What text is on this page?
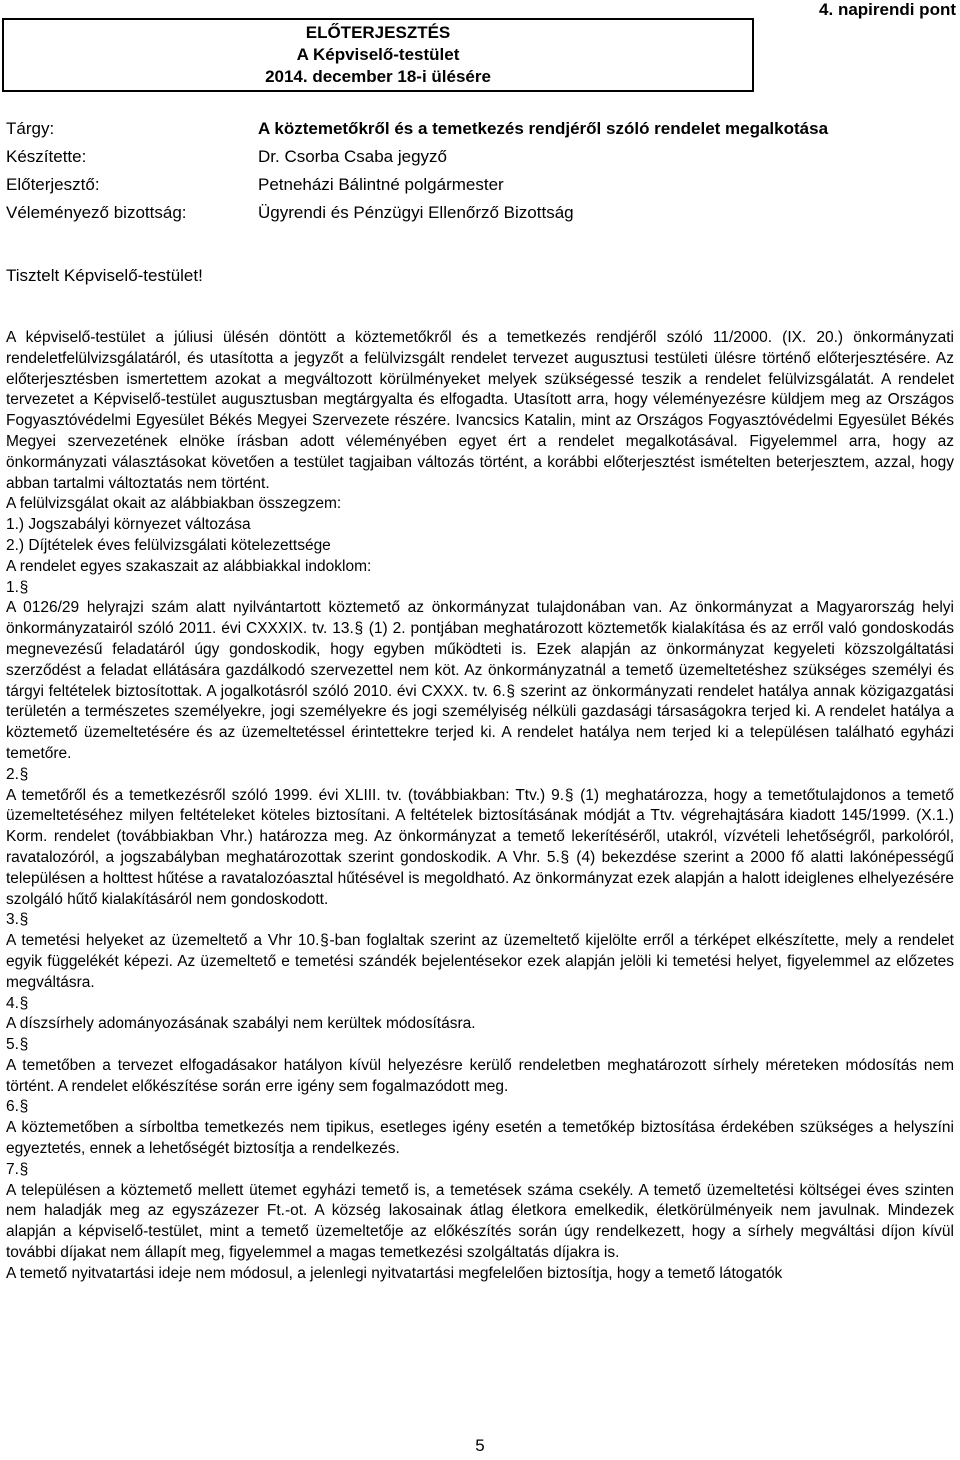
4. napirendi pont
ELŐTERJESZTÉS
A Képviselő-testület
2014. december 18-i ülésére
Tárgy:	A köztemetőkről és a temetkezés rendjéről szóló rendelet megalkotása
Készítette:	Dr. Csorba Csaba jegyző
Előterjesztő:	Petneházi Bálintné polgármester
Véleményező bizottság:	Ügyrendi és Pénzügyi Ellenőrző Bizottság
Tisztelt Képviselő-testület!

A képviselő-testület a júliusi ülésén döntött a köztemetőkről és a temetkezés rendjéről szóló 11/2000. (IX. 20.) önkormányzati rendeletfelülvizsgálatáról, és utasította a jegyzőt a felülvizsgált rendelet tervezet augusztusi testületi ülésre történő előterjesztésére. Az előterjesztésben ismertettem azokat a megváltozott körülményeket melyek szükségessé teszik a rendelet felülvizsgálatát. A rendelet tervezetet a Képviselő-testület augusztusban megtárgyalta és elfogadta. Utasított arra, hogy véleményezésre küldjem meg az Országos Fogyasztóvédelmi Egyesület Békés Megyei Szervezete részére. Ivancsics Katalin, mint az Országos Fogyasztóvédelmi Egyesület Békés Megyei szervezetének elnöke írásban adott véleményében egyet ért a rendelet megalkotásával. Figyelemmel arra, hogy az önkormányzati választásokat követően a testület tagjaiban változás történt, a korábbi előterjesztést ismételten beterjesztem, azzal, hogy abban tartalmi változtatás nem történt.

A felülvizsgálat okait az alábbiakban összegzem:

1.) Jogszabályi környezet változása

2.) Díjtételek éves felülvizsgálati kötelezettsége

A rendelet egyes szakaszait az alábbiakkal indoklom:

1.§

A 0126/29 helyrajzi szám alatt nyilvántartott köztemető az önkormányzat tulajdonában van. Az önkormányzat a Magyarország helyi önkormányzatairól szóló 2011. évi CXXXIX. tv. 13.§ (1) 2. pontjában meghatározott köztemetők kialakítása és az erről való gondoskodás megnevezésű feladatáról úgy gondoskodik, hogy egyben működteti is. Ezek alapján az önkormányzat kegyeleti közszolgáltatási szerződést a feladat ellátására gazdálkodó szervezettel nem köt. Az önkormányzatnál a temető üzemeltetéshez szükséges személyi és tárgyi feltételek biztosítottak. A jogalkotásról szóló 2010. évi CXXX. tv. 6.§ szerint az önkormányzati rendelet hatálya annak közigazgatási területén a természetes személyekre, jogi személyekre és jogi személyiség nélküli gazdasági társaságokra terjed ki. A rendelet hatálya a köztemető üzemeltetésére és az üzemeltetéssel érintettekre terjed ki. A rendelet hatálya nem terjed ki a településen található egyházi temetőre.

2.§

A temetőről és a temetkezésről szóló 1999. évi XLIII. tv. (továbbiakban: Ttv.) 9.§ (1) meghatározza, hogy a temetőtulajdonos a temető üzemeltetéséhez milyen feltételeket köteles biztosítani. A feltételek biztosításának módját a Ttv. végrehajtására kiadott 145/1999. (X.1.) Korm. rendelet (továbbiakban Vhr.) határozza meg. Az önkormányzat a temető lekerítéséről, utakról, vízvételi lehetőségről, parkolóról, ravatalozóról, a jogszabályban meghatározottak szerint gondoskodik. A Vhr. 5.§ (4) bekezdése szerint a 2000 fő alatti lakónépességű településen a holttest hűtése a ravatalozóasztal hűtésével is megoldható. Az önkormányzat ezek alapján a halott ideiglenes elhelyezésére szolgáló hűtő kialakításáról nem gondoskodott.

3.§

A temetési helyeket az üzemeltető a Vhr 10.§-ban foglaltak szerint az üzemeltető kijelölte erről a térképet elkészítette, mely a rendelet egyik függelékét képezi. Az üzemeltető e temetési szándék bejelentésekor ezek alapján jelöli ki temetési helyet, figyelemmel az előzetes megváltásra.

4.§

A díszsírhely adományozásának szabályi nem kerültek módosításra.

5.§

A temetőben a tervezet elfogadásakor hatályon kívül helyezésre kerülő rendeletben meghatározott sírhely méreteken módosítás nem történt. A rendelet előkészítése során erre igény sem fogalmazódott meg.

6.§

A köztemetőben a sírboltba temetkezés nem tipikus, esetleges igény esetén a temetőkép biztosítása érdekében szükséges a helyszíni egyeztetés, ennek a lehetőségét biztosítja a rendelkezés.

7.§

A településen a köztemető mellett ütemet egyházi temető is, a temetések száma csekély. A temető üzemeltetési költségei éves szinten nem haladják meg az egyszázezer Ft.-ot. A község lakosainak átlag életkora emelkedik, életkörülményeik nem javulnak. Mindezek alapján a képviselő-testület, mint a temető üzemeltetője az előkészítés során úgy rendelkezett, hogy a sírhely megváltási díjon kívül további díjakat nem állapít meg, figyelemmel a magas temetkezési szolgáltatás díjakra is.

A temető nyitvatartási ideje nem módosul, a jelenlegi nyitvatartási megfelelően biztosítja, hogy a temető látogatók

5
